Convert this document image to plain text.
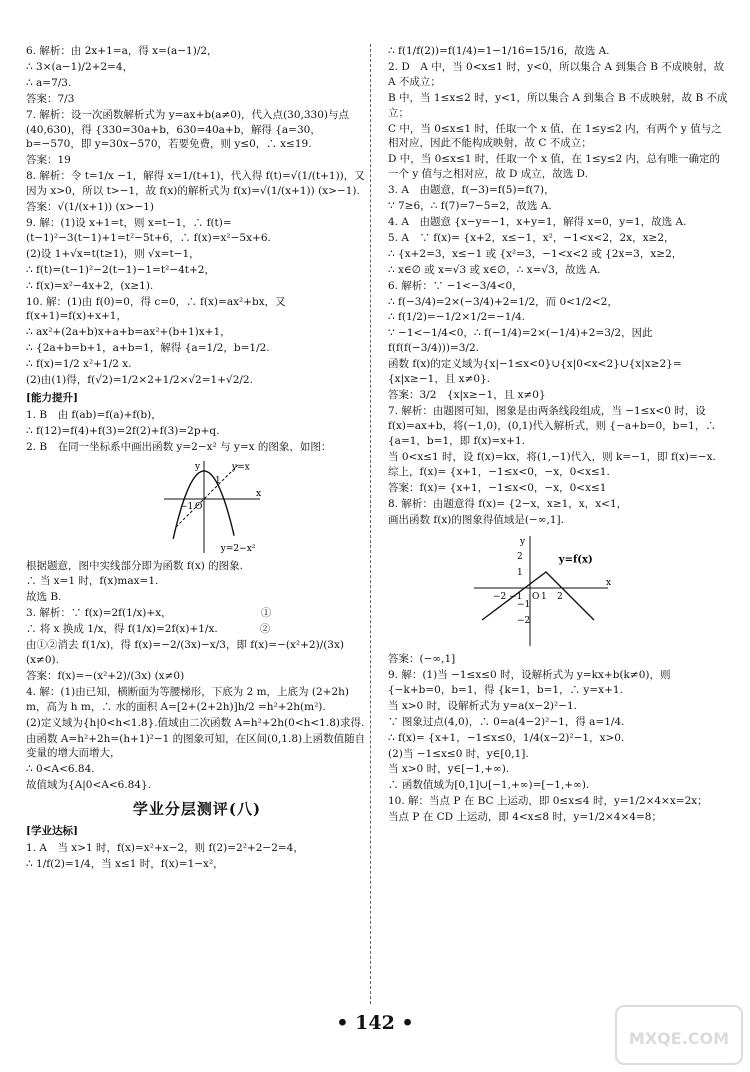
6. 解析：由 2x+1=a，得 x=(a−1)/2，

∴ 3×(a−1)/2+2=4，

∴ a=7/3.

答案：7/3

7. 解析：设一次函数解析式为 y=ax+b(a≠0)，代入点(30,330)与点(40,630)，得 {330=30a+b，630=40a+b，解得 {a=30，b=−570，即 y=30x−570，若要免费，则 y≤0，∴ x≤19.

答案：19

8. 解析：令 t=1/x −1，解得 x=1/(t+1)，代入得 f(t)=√(1/(t+1))，又因为 x>0，所以 t>−1，故 f(x)的解析式为 f(x)=√(1/(x+1)) (x>−1).

答案：√(1/(x+1)) (x>−1)

9. 解：(1)设 x+1=t，则 x=t−1，∴ f(t)=(t−1)²−3(t−1)+1=t²−5t+6，∴ f(x)=x²−5x+6.

(2)设 1+√x=t(t≥1)，则 √x=t−1，

∴ f(t)=(t−1)²−2(t−1)−1=t²−4t+2，

∴ f(x)=x²−4x+2，(x≥1).

10. 解：(1)由 f(0)=0，得 c=0，∴ f(x)=ax²+bx，又 f(x+1)=f(x)+x+1，

∴ ax²+(2a+b)x+a+b=ax²+(b+1)x+1，

∴ {2a+b=b+1，a+b=1，解得 {a=1/2，b=1/2.

∴ f(x)=1/2 x²+1/2 x.

(2)由(1)得，f(√2)=1/2×2+1/2×√2=1+√2/2.

[能力提升]

1. B　由 f(ab)=f(a)+f(b)，

∴ f(12)=f(4)+f(3)=2f(2)+f(3)=2p+q.

2. B　在同一坐标系中画出函数 y=2−x² 与 y=x 的图象，如图：

y=x
y=2−x²
y
x
O
1
−1

根据题意，图中实线部分即为函数 f(x) 的图象.

∴ 当 x=1 时，f(x)max=1.

故选 B.

3. 解析：∵ f(x)=2f(1/x)+x，　　　　　　　　　①

∴ 将 x 换成 1/x，得 f(1/x)=2f(x)+1/x.　　　　②

由①②消去 f(1/x)，得 f(x)=−2/(3x)−x/3，即 f(x)=−(x²+2)/(3x) (x≠0).

答案：f(x)=−(x²+2)/(3x) (x≠0)

4. 解：(1)由已知，横断面为等腰梯形，下底为 2 m，上底为 (2+2h) m，高为 h m，∴ 水的面积 A=[2+(2+2h)]h/2 =h²+2h(m²).

(2)定义域为{h|0<h<1.8}.值域由二次函数 A=h²+2h(0<h<1.8)求得.

由函数 A=h²+2h=(h+1)²−1 的图象可知，在区间(0,1.8)上函数值随自变量的增大而增大，

∴ 0<A<6.84.

故值域为{A|0<A<6.84}.

学业分层测评(八)

[学业达标]

1. A　当 x>1 时，f(x)=x²+x−2，则 f(2)=2²+2−2=4，

∴ 1/f(2)=1/4，当 x≤1 时，f(x)=1−x²，

∴ f(1/f(2))=f(1/4)=1−1/16=15/16，故选 A.

2. D　A 中，当 0<x≤1 时，y<0，所以集合 A 到集合 B 不成映射，故 A 不成立；

B 中，当 1≤x≤2 时，y<1，所以集合 A 到集合 B 不成映射，故 B 不成立；

C 中，当 0≤x≤1 时，任取一个 x 值，在 1≤y≤2 内，有两个 y 值与之相对应，因此不能构成映射，故 C 不成立；

D 中，当 0≤x≤1 时，任取一个 x 值，在 1≤y≤2 内，总有唯一确定的一个 y 值与之相对应，故 D 成立，故选 D.

3. A　由题意，f(−3)=f(5)=f(7)，

∵ 7≥6，∴ f(7)=7−5=2，故选 A.

4. A　由题意 {x−y=−1，x+y=1，解得 x=0，y=1，故选 A.

5. A　∵ f(x)= {x+2，x≤−1，x²，−1<x<2，2x，x≥2，

∴ {x+2=3，x≤−1 或 {x²=3，−1<x<2 或 {2x=3，x≥2，

∴ x∈∅ 或 x=√3 或 x∈∅，∴ x=√3，故选 A.

6. 解析：∵ −1<−3/4<0，

∴ f(−3/4)=2×(−3/4)+2=1/2，而 0<1/2<2，

∴ f(1/2)=−1/2×1/2=−1/4.

∵ −1<−1/4<0，∴ f(−1/4)=2×(−1/4)+2=3/2，因此 f(f(f(−3/4)))=3/2.

函数 f(x)的定义域为{x|−1≤x<0}∪{x|0<x<2}∪{x|x≥2}={x|x≥−1，且 x≠0}.

答案：3/2　{x|x≥−1，且 x≠0}

7. 解析：由题图可知，图象是由两条线段组成，当 −1≤x<0 时，设 f(x)=ax+b，将(−1,0)，(0,1)代入解析式，则 {−a+b=0，b=1，∴ {a=1，b=1，即 f(x)=x+1.

当 0<x≤1 时，设 f(x)=kx，将(1,−1)代入，则 k=−1，即 f(x)=−x.

综上，f(x)= {x+1，−1≤x<0，−x，0<x≤1.

答案：f(x)= {x+1，−1≤x<0，−x，0<x≤1

8. 解析：由题意得 f(x)= {2−x，x≥1，x，x<1，

画出函数 f(x)的图象得值域是(−∞,1].

y=f(x)
y
x
O
−2 −1 1 2
2
1
−1
−2

答案：(−∞,1]

9. 解：(1)当 −1≤x≤0 时，设解析式为 y=kx+b(k≠0)，则 {−k+b=0，b=1，得 {k=1，b=1，∴ y=x+1.

当 x>0 时，设解析式为 y=a(x−2)²−1.

∵ 图象过点(4,0)，∴ 0=a(4−2)²−1，得 a=1/4.

∴ f(x)= {x+1，−1≤x≤0，1/4(x−2)²−1，x>0.

(2)当 −1≤x≤0 时，y∈[0,1].

当 x>0 时，y∈[−1,+∞).

∴ 函数值域为[0,1]∪[−1,+∞)=[−1,+∞).

10. 解：当点 P 在 BC 上运动，即 0≤x≤4 时，y=1/2×4×x=2x；

当点 P 在 CD 上运动，即 4<x≤8 时，y=1/2×4×4=8；

• 142 •
MXQE.COM
